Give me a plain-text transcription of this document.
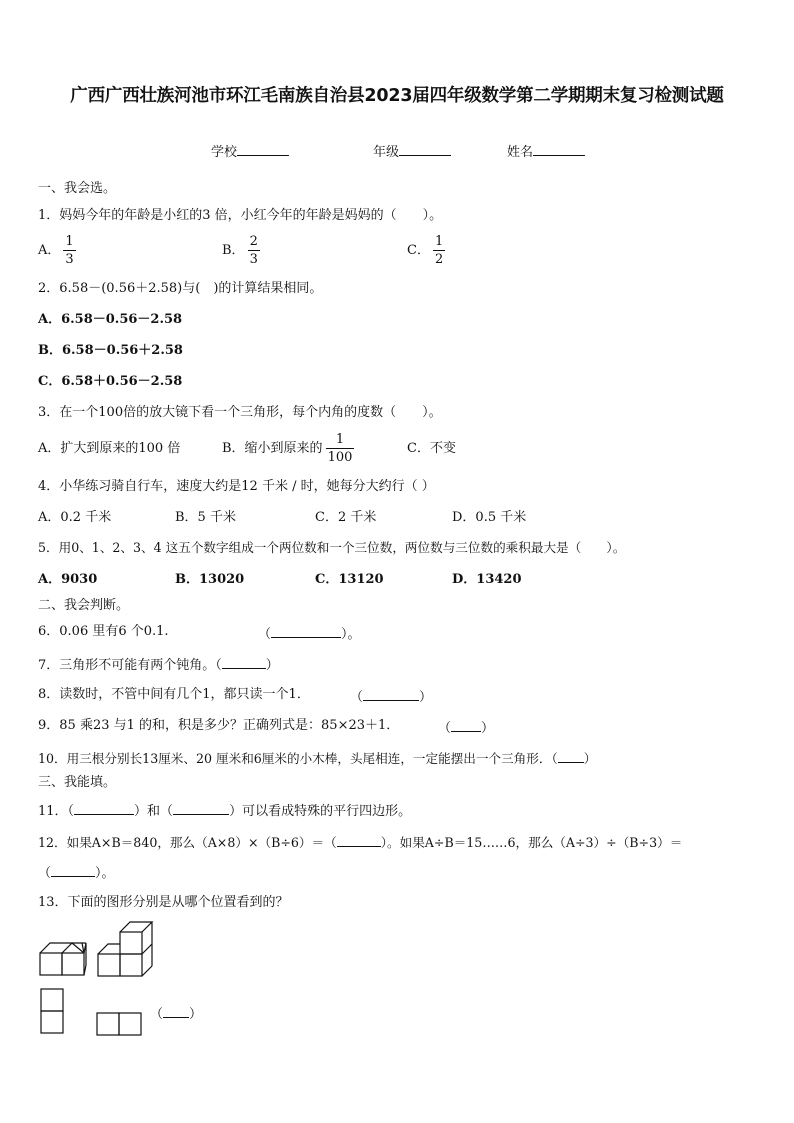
广西广西壮族河池市环江毛南族自治县2023届四年级数学第二学期期末复习检测试题
学校	年级	姓名
一、我会选。
1．妈妈今年的年龄是小红的3 倍，小红今年的年龄是妈妈的（　　）。
A． $\frac{1}{3}$	B． $\frac{2}{3}$	C． $\frac{1}{2}$
2．6.58－(0.56＋2.58)与(　)的计算结果相同。
A．6.58－0.56－2.58
B．6.58－0.56＋2.58
C．6.58＋0.56－2.58
3．在一个100倍的放大镜下看一个三角形，每个内角的度数（　　）。
A．扩大到原来的100 倍	B．缩小到原来的 $\frac{1}{100}$	C．不变
4．小华练习骑自行车，速度大约是12 千米 / 时，她每分大约行（ ）
A．0.2 千米	B．5 千米	C．2 千米	D．0.5 千米
5．用0、1、2、3、4 这五个数字组成一个两位数和一个三位数，两位数与三位数的乘积最大是（　　）。
A．9030	B．13020	C．13120	D．13420
二、我会判断。
6．0.06 里有6 个0.1.	（	）。
7．三角形不可能有两个钝角。（	）
8．读数时，不管中间有几个1，都只读一个1．	（	）
9．85 乘23 与1 的和，积是多少？正确列式是：85×23＋1．	（ ）
10．用三根分别长13厘米、20 厘米和6厘米的小木棒，头尾相连，一定能摆出一个三角形．（ ）
三、我能填。
11．（	）和（	）可以看成特殊的平行四边形。
12．如果A×B＝840，那么（A×8）×（B÷6）＝（	）。如果A÷B＝15……6，那么（A÷3）÷（B÷3）＝
（	）。
13．下面的图形分别是从哪个位置看到的？
（ ）
